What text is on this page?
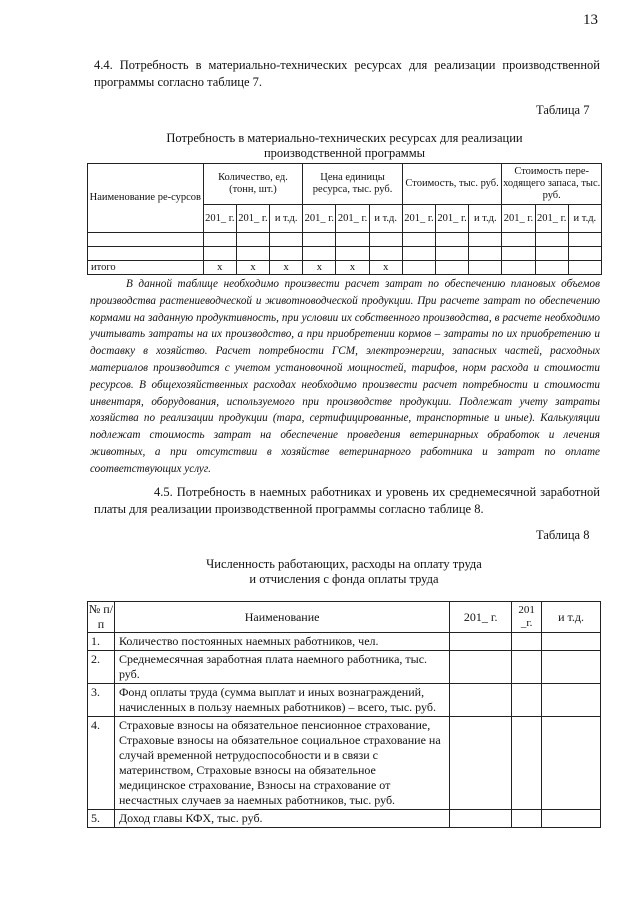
13
4.4. Потребность в материально-технических ресурсах для реализации производственной программы согласно таблице 7.
Таблица 7
Потребность в материально-технических ресурсах для реализации
производственной программы
Наименование ре-сурсов	Количество, ед. (тонн, шт.)			Цена единицы ресурса, тыс. руб.			Стоимость, тыс. руб.			Стоимость пере-ходящего запаса, тыс. руб.		
	201_ г.	201_ г.	и т.д.	201_ г.	201_ г.	и т.д.	201_ г.	201_ г.	и т.д.	201_ г.	201_ г.	и т.д.

итого	x	x	x	x	x	x						
В данной таблице необходимо произвести расчет затрат по обеспечению плановых объемов производства растениеводческой и животноводческой продукции. При расчете затрат по обеспечению кормами на заданную продуктивность, при условии их собственного производства, в расчете необходимо учитывать затраты на их производство, а при приобретении кормов – затраты по их приобретению и доставку в хозяйство. Расчет потребности ГСМ, электроэнергии, запасных частей, расходных материалов производится с учетом установочной мощностей, тарифов, норм расхода и стоимости ресурсов. В общехозяйственных расходах необходимо произвести расчет потребности и стоимости инвентаря, оборудования, используемого при производстве продукции. Подлежат учету затраты хозяйства по реализации продукции (тара, сертифицированные, транспортные и иные). Калькуляции подлежат стоимость затрат на обеспечение проведения ветеринарных обработок и лечения животных, а при отсутствии в хозяйстве ветеринарного работника и затрат по оплате соответствующих услуг.
4.5. Потребность в наемных работниках и уровень их среднемесячной заработной платы для реализации производственной программы согласно таблице 8.
Таблица 8
Численность работающих, расходы на оплату труда
и отчисления с фонда оплаты труда
№ п/п	Наименование	201_ г.	201 _г.	и т.д.
1.	Количество постоянных наемных работников, чел.			
2.	Среднемесячная заработная плата наемного работника, тыс. руб.			
3.	Фонд оплаты труда (сумма выплат и иных вознаграждений, начисленных в пользу наемных работников) – всего, тыс. руб.			
4.	Страховые взносы на обязательное пенсионное страхование, Страховые взносы на обязательное социальное страхование на случай временной нетрудоспособности и в связи с материнством, Страховые взносы на обязательное медицинское страхование, Взносы на страхование от несчастных случаев за наемных работников, тыс. руб.			
5.	Доход главы КФХ, тыс. руб.			
